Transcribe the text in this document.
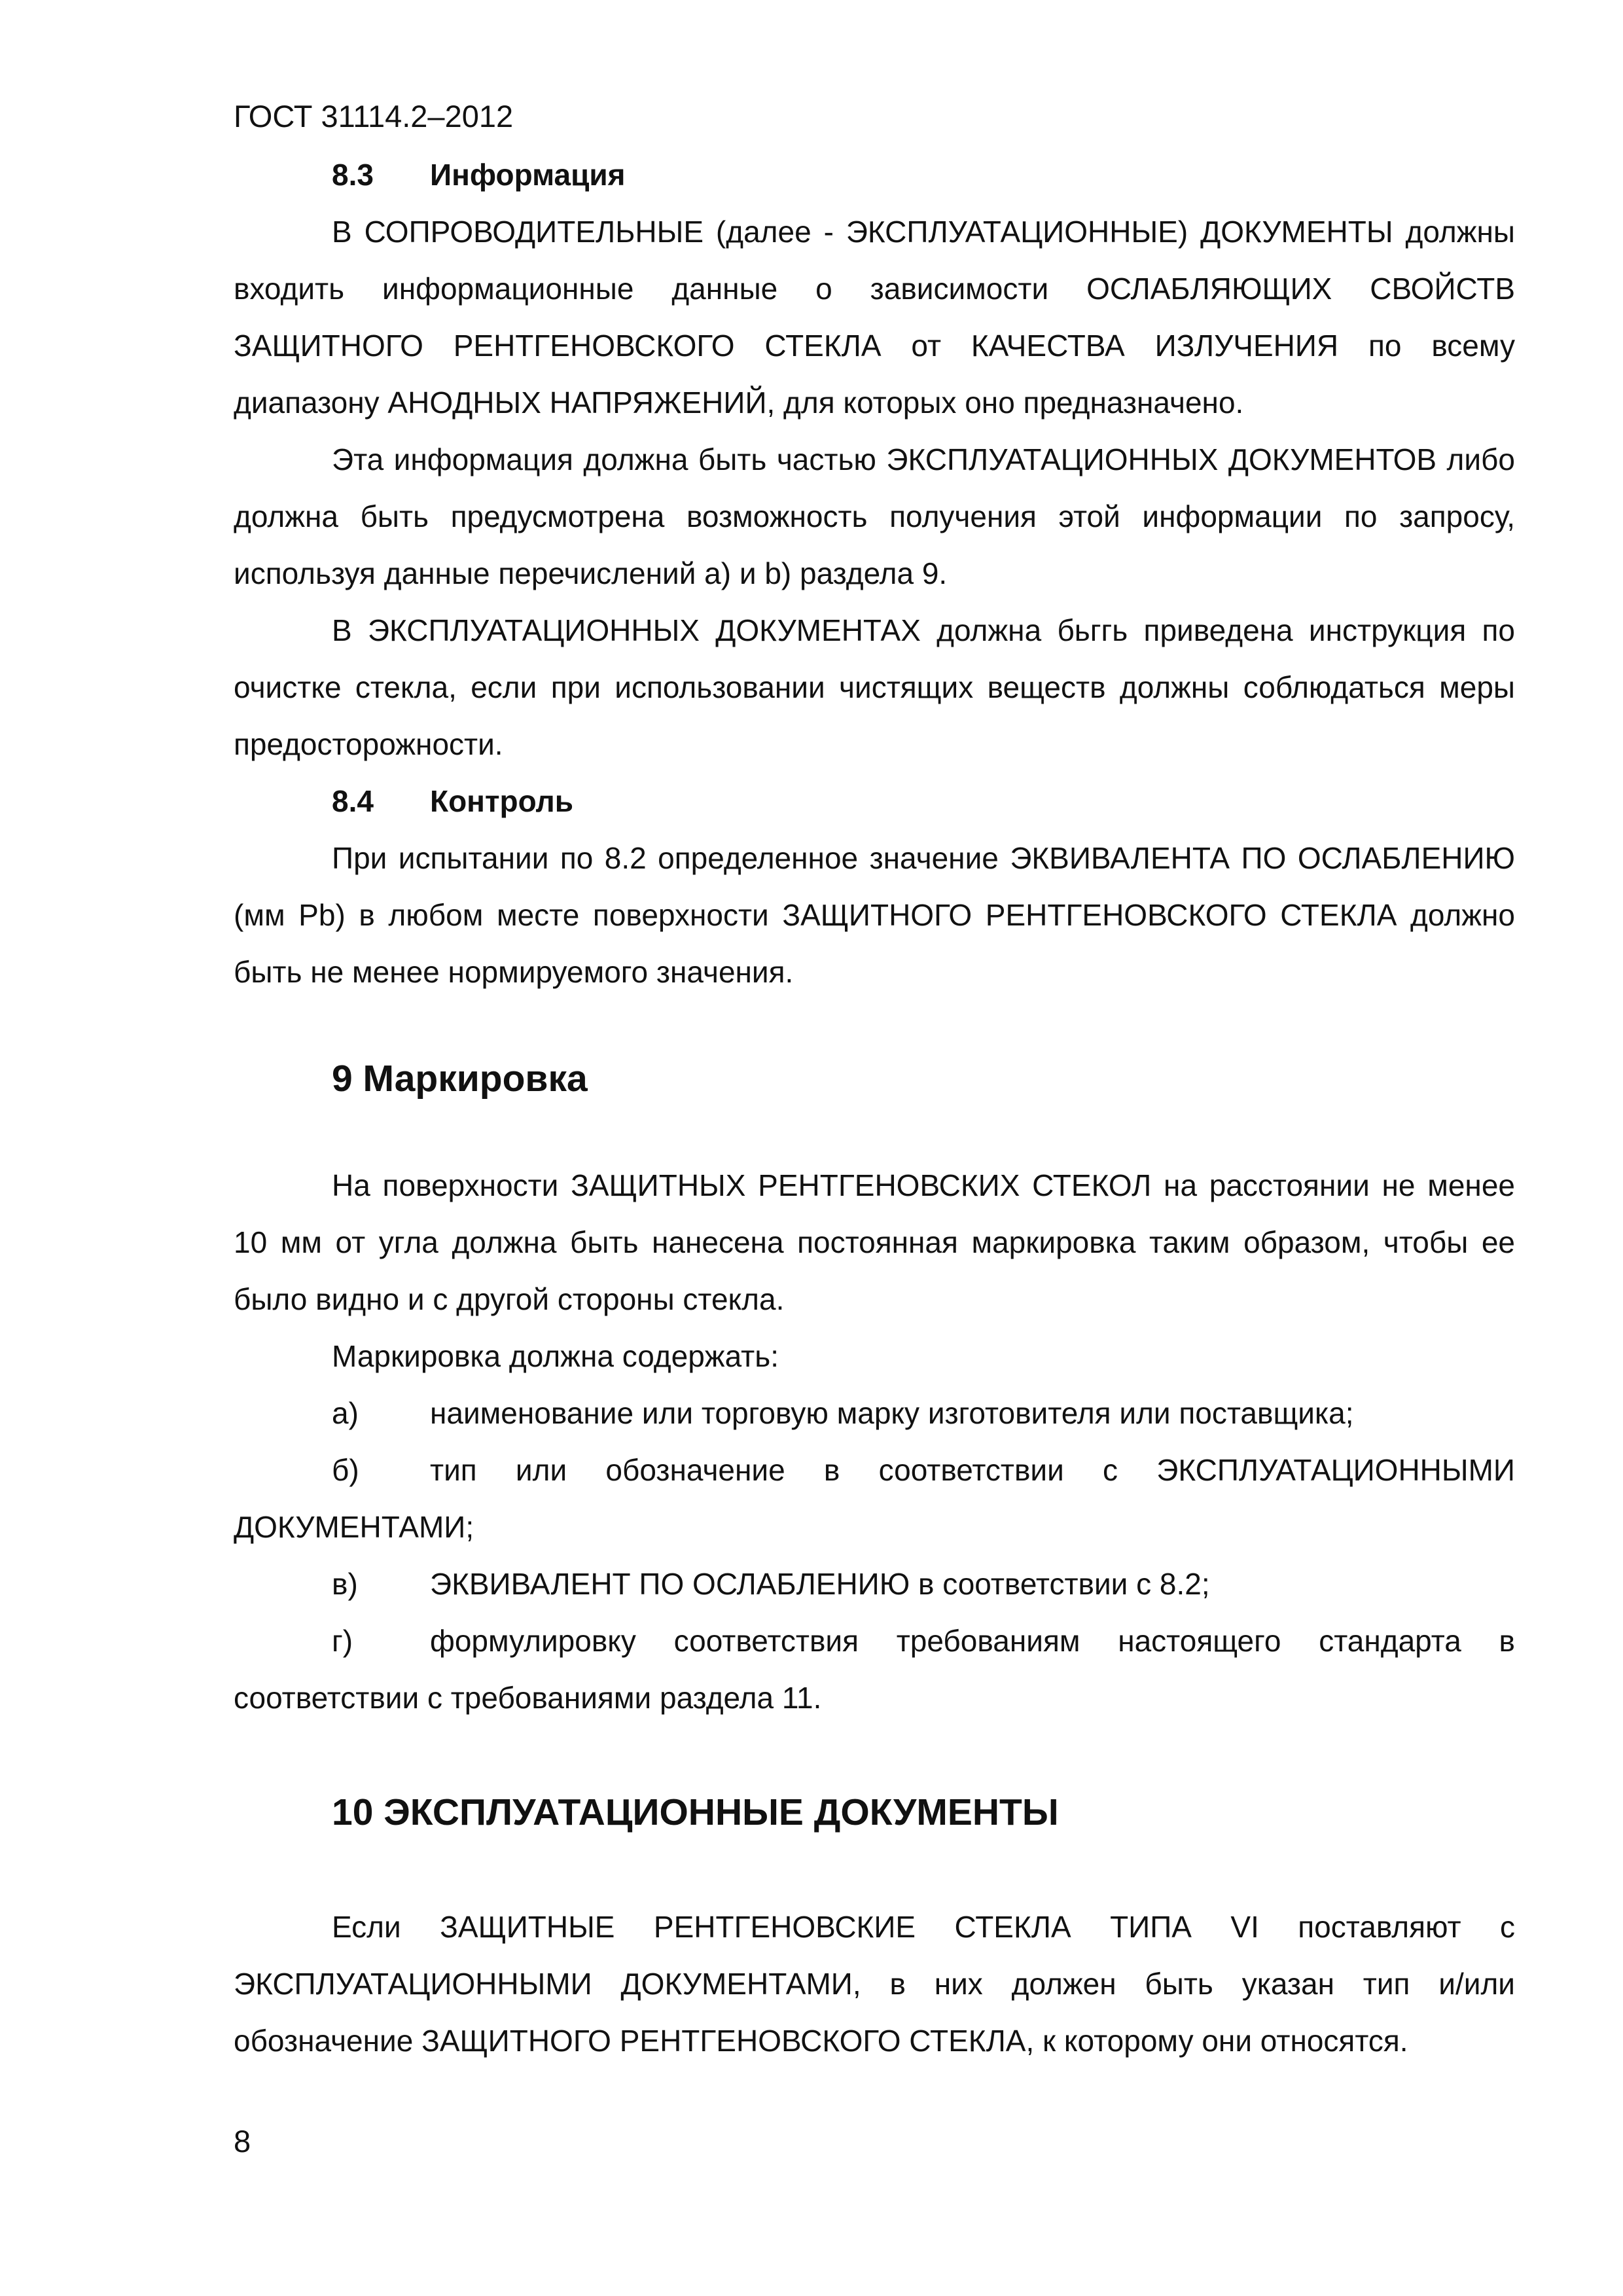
ГОСТ 31114.2–2012
8.3 Информация

В СОПРОВОДИТЕЛЬНЫЕ (далее - ЭКСПЛУАТАЦИОННЫЕ) ДОКУМЕНТЫ должны входить информационные данные о зависимости ОСЛАБЛЯЮЩИХ СВОЙСТВ ЗАЩИТНОГО РЕНТГЕНОВСКОГО СТЕКЛА от КАЧЕСТВА ИЗЛУЧЕНИЯ по всему диапазону АНОДНЫХ НАПРЯЖЕНИЙ, для которых оно предназначено.

Эта информация должна быть частью ЭКСПЛУАТАЦИОННЫХ ДОКУМЕНТОВ либо должна быть предусмотрена возможность получения этой информации по запросу, используя данные перечислений а) и b) раздела 9.

В ЭКСПЛУАТАЦИОННЫХ ДОКУМЕНТАХ должна бьггь приведена инструкция по очистке стекла, если при использовании чистящих веществ должны соблюдаться меры предосторожности.

8.4 Контроль

При испытании по 8.2 определенное значение ЭКВИВАЛЕНТА ПО ОСЛАБЛЕНИЮ (мм Pb) в любом месте поверхности ЗАЩИТНОГО РЕНТГЕНОВСКОГО СТЕКЛА должно быть не менее нормируемого значения.

9 Маркировка

На поверхности ЗАЩИТНЫХ РЕНТГЕНОВСКИХ СТЕКОЛ на расстоянии не менее 10 мм от угла должна быть нанесена постоянная маркировка таким образом, чтобы ее было видно и с другой стороны стекла.

Маркировка должна содержать:

а) наименование или торговую марку изготовителя или поставщика;

б) тип или обозначение в соответствии с ЭКСПЛУАТАЦИОННЫМИ ДОКУМЕНТАМИ;

в) ЭКВИВАЛЕНТ ПО ОСЛАБЛЕНИЮ в соответствии с 8.2;

г)	формулировку соответствия требованиям настоящего стандарта в соответствии с требованиями раздела 11.

10 ЭКСПЛУАТАЦИОННЫЕ ДОКУМЕНТЫ

Если ЗАЩИТНЫЕ РЕНТГЕНОВСКИЕ СТЕКЛА ТИПА VI поставляют с ЭКСПЛУАТАЦИОННЫМИ ДОКУМЕНТАМИ, в них должен быть указан тип и/или обозначение ЗАЩИТНОГО РЕНТГЕНОВСКОГО СТЕКЛА, к которому они относятся.

8
